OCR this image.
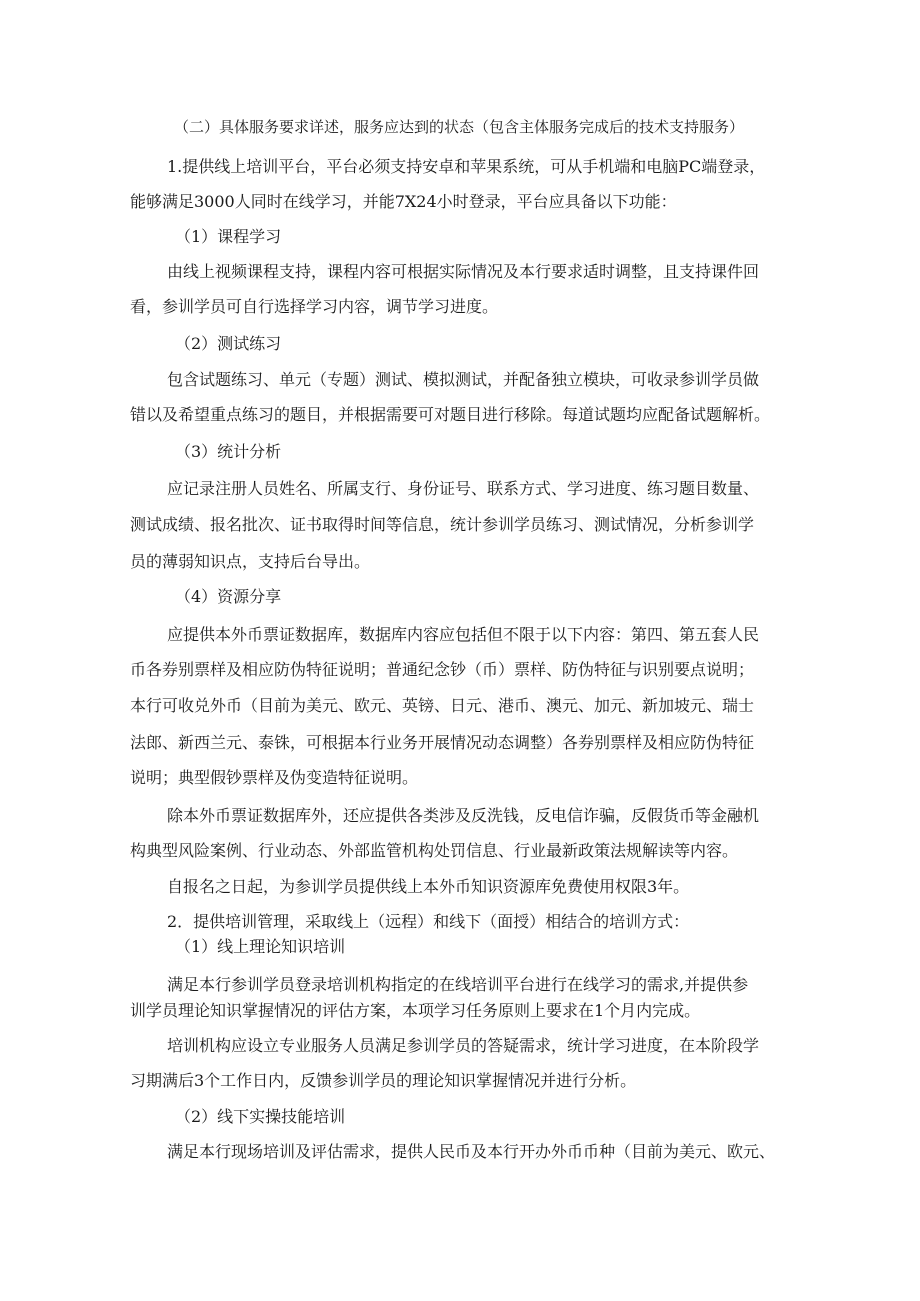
（二）具体服务要求详述，服务应达到的状态（包含主体服务完成后的技术支持服务）
1.提供线上培训平台，平台必须支持安卓和苹果系统，可从手机端和电脑PC端登录，
能够满足3000人同时在线学习，并能7X24小时登录，平台应具备以下功能：
（1）课程学习
由线上视频课程支持，课程内容可根据实际情况及本行要求适时调整，且支持课件回
看，参训学员可自行选择学习内容，调节学习进度。
（2）测试练习
包含试题练习、单元（专题）测试、模拟测试，并配备独立模块，可收录参训学员做
错以及希望重点练习的题目，并根据需要可对题目进行移除。每道试题均应配备试题解析。
（3）统计分析
应记录注册人员姓名、所属支行、身份证号、联系方式、学习进度、练习题目数量、
测试成绩、报名批次、证书取得时间等信息，统计参训学员练习、测试情况，分析参训学
员的薄弱知识点，支持后台导出。
（4）资源分享
应提供本外币票证数据库，数据库内容应包括但不限于以下内容：第四、第五套人民
币各券别票样及相应防伪特征说明；普通纪念钞（币）票样、防伪特征与识别要点说明；
本行可收兑外币（目前为美元、欧元、英镑、日元、港币、澳元、加元、新加坡元、瑞士
法郎、新西兰元、泰铢，可根据本行业务开展情况动态调整）各券别票样及相应防伪特征
说明；典型假钞票样及伪变造特征说明。
除本外币票证数据库外，还应提供各类涉及反洗钱，反电信诈骗，反假货币等金融机
构典型风险案例、行业动态、外部监管机构处罚信息、行业最新政策法规解读等内容。
自报名之日起，为参训学员提供线上本外币知识资源库免费使用权限3年。
2．提供培训管理，采取线上（远程）和线下（面授）相结合的培训方式：
（1）线上理论知识培训
满足本行参训学员登录培训机构指定的在线培训平台进行在线学习的需求,并提供参
训学员理论知识掌握情况的评估方案，本项学习任务原则上要求在1个月内完成。
培训机构应设立专业服务人员满足参训学员的答疑需求，统计学习进度，在本阶段学
习期满后3个工作日内，反馈参训学员的理论知识掌握情况并进行分析。
（2）线下实操技能培训
满足本行现场培训及评估需求，提供人民币及本行开办外币币种（目前为美元、欧元、
